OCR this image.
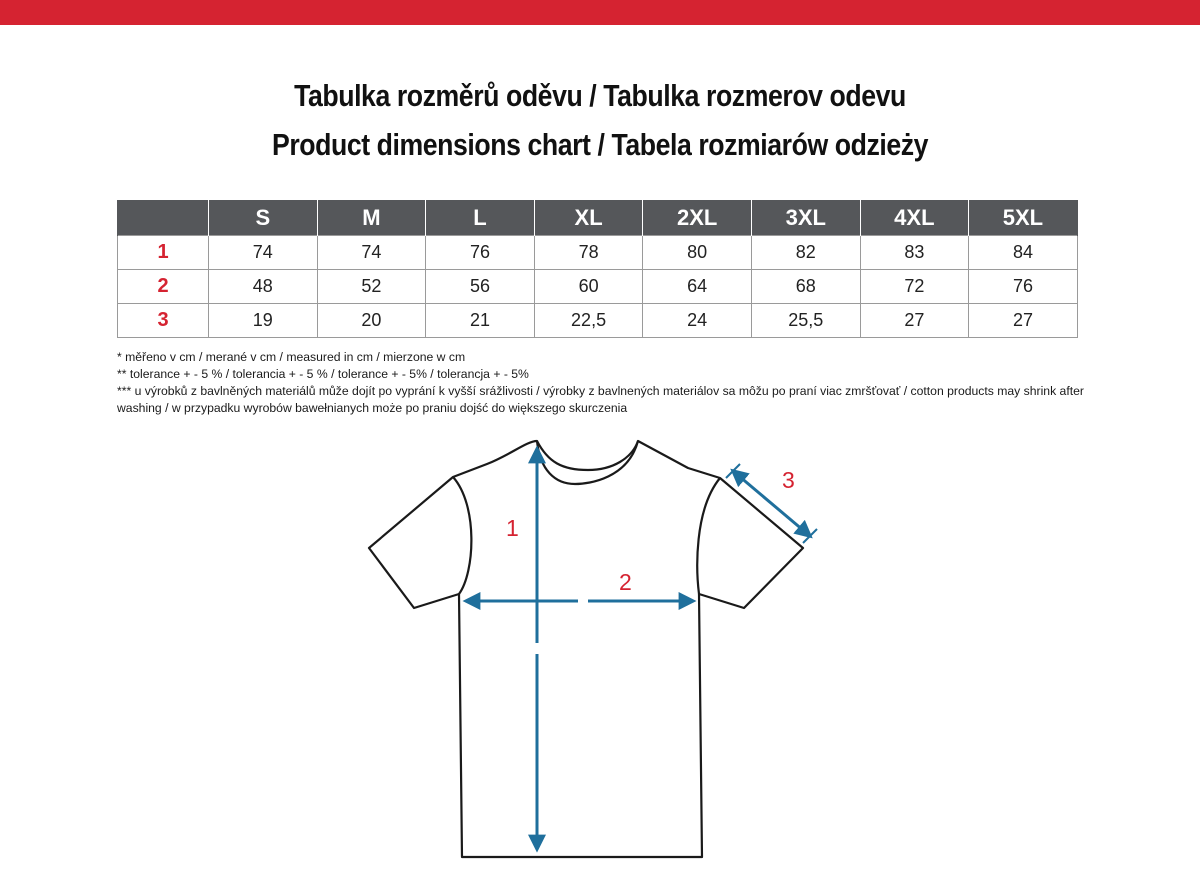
Tabulka rozměrů oděvu / Tabulka rozmerov odevu
Product dimensions chart / Tabela rozmiarów odzieży
	S	M	L	XL	2XL	3XL	4XL	5XL
1	74	74	76	78	80	82	83	84
2	48	52	56	60	64	68	72	76
3	19	20	21	22,5	24	25,5	27	27
* měřeno v cm / merané v cm / measured in cm / mierzone w cm
** tolerance + - 5 % / tolerancia + - 5 % / tolerance + - 5% / tolerancja + - 5%
*** u výrobků z bavlněných materiálů může dojít po vyprání k vyšší srážlivosti / výrobky z bavlnených materiálov sa môžu po praní viac zmršťovať / cotton products may shrink after washing / w przypadku wyrobów bawełnianych może po praniu dojść do większego skurczenia
1
2
3
